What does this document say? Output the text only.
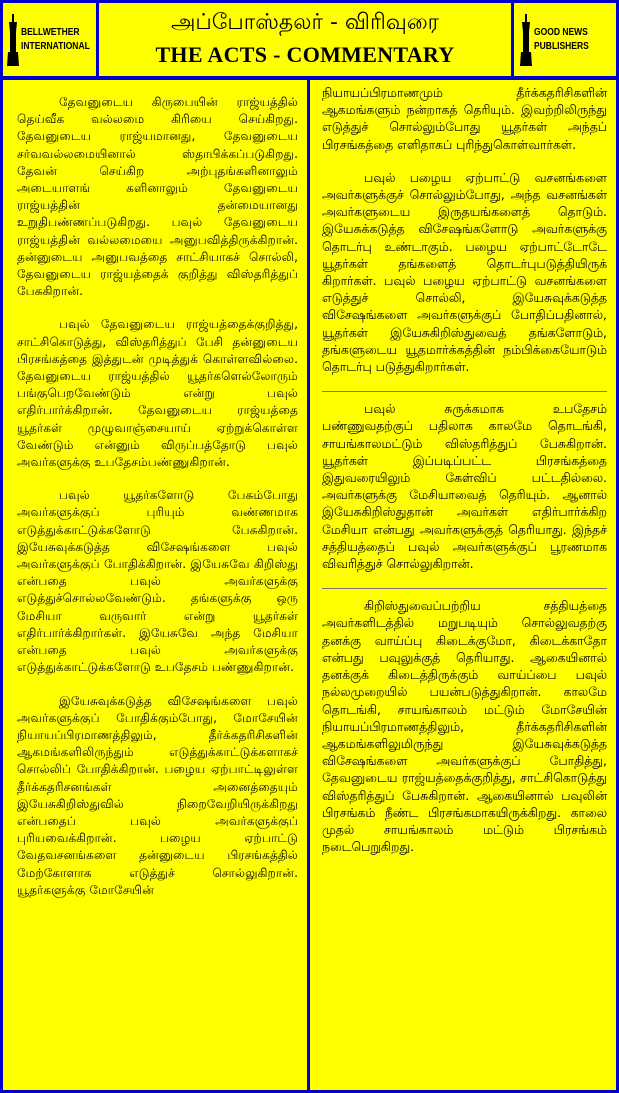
BELLWETHER
INTERNATIONAL
அப்போஸ்தலர் - விரிவுரை
THE ACTS - COMMENTARY
GOOD NEWS
PUBLISHERS

தேவனுடைய கிருபையின் ராஜ்யத்தில் தெய்வீக வல்லமை கிரியை செய்கிறது. தேவனுடைய ராஜ்யமானது, தேவனுடைய சர்வவல்லமையினால் ஸ்தாபிக்கப்படுகிறது. தேவன் செய்கிற அற்புதங்களினாலும் அடையாளங் களினாலும் தேவனுடைய ராஜ்யத்தின் தன்மையானது உறுதிபண்ணப்படுகிறது. பவுல் தேவனுடைய ராஜ்யத்தின் வல்லமையை அனுபவித்திருக்கிறான். தன்னுடைய அனுபவத்தை சாட்சியாகச் சொல்லி, தேவனுடைய ராஜ்யத்தைக் குறித்து விஸ்தரித்துப் பேசுகிறான்.

பவுல் தேவனுடைய ராஜ்யத்தைக்குறித்து, சாட்சிகொடுத்து, விஸ்தரித்துப் பேசி தன்னுடைய பிரசங்கத்தை இத்துடன் முடித்துக் கொள்ளவில்லை. தேவனுடைய ராஜ்யத்தில் யூதர்களெல்லோரும் பங்குபெறவேண்டும் என்று பவுல் எதிர்பார்க்கிறான். தேவனுடைய ராஜ்யத்தை யூதர்கள் முழுவாஞ்சையாய் ஏற்றுக்கொள்ள வேண்டும் என்னும் விருப்பத்தோடு பவுல் அவர்களுக்கு உபதேசம்பண்ணுகிறான்.

பவுல் யூதர்களோடு பேசும்போது அவர்களுக்குப் புரியும் வண்ணமாக எடுத்துக்காட்டுக்களோடு பேசுகிறான். இயேசுவுக்கடுத்த விசேஷங்களை பவுல் அவர்களுக்குப் போதிக்கிறான். இயேசுவே கிறிஸ்து என்பதை பவுல் அவர்களுக்கு எடுத்துச்சொல்லவேண்டும். தங்களுக்கு ஒரு மேசியா வருவார் என்று யூதர்கள் எதிர்பார்க்கிறார்கள். இயேசுவே அந்த மேசியா என்பதை பவுல் அவர்களுக்கு எடுத்துக்காட்டுக்களோடு உபதேசம் பண்ணுகிறான்.

இயேசுவுக்கடுத்த விசேஷங்களை பவுல் அவர்களுக்குப் போதிக்கும்போது, மோசேயின் நியாயப்பிரமாணத்திலும், தீர்க்கதரிசிகளின் ஆகமங்களிலிருந்தும் எடுத்துக்காட்டுக்களாகச் சொல்லிப் போதிக்கிறான். பழைய ஏற்பாட்டிலுள்ள தீர்க்கதரிசனங்கள் அனைத்தையும் இயேசுகிறிஸ்துவில் நிறைவேறியிருக்கிறது என்பதைப் பவுல் அவர்களுக்குப் புரியவைக்கிறான். பழைய ஏற்பாட்டு வேதவசனங்களை தன்னுடைய பிரசங்கத்தில் மேற்கோளாக எடுத்துச் சொல்லுகிறான். யூதர்களுக்கு மோசேயின்

நியாயப்பிரமாணமும் தீர்க்கதரிசிகளின் ஆகமங்களும் நன்றாகத் தெரியும். இவற்றிலிருந்து எடுத்துச் சொல்லும்போது யூதர்கள் அந்தப் பிரசங்கத்தை எளிதாகப் புரிந்துகொள்வார்கள்.

பவுல் பழைய ஏற்பாட்டு வசனங்களை அவர்களுக்குச் சொல்லும்போது, அந்த வசனங்கள் அவர்களுடைய இருதயங்களைத் தொடும். இயேசுக்கடுத்த விசேஷங்களோடு அவர்களுக்கு தொடர்பு உண்டாகும். பழைய ஏற்பாட்டோடே யூதர்கள் தங்களைத் தொடர்புபடுத்தியிருக் கிறார்கள். பவுல் பழைய ஏற்பாட்டு வசனங்களை எடுத்துச் சொல்லி, இயேசுவுக்கடுத்த விசேஷங்களை அவர்களுக்குப் போதிப்பதினால், யூதர்கள் இயேசுகிறிஸ்துவைத் தங்களோடும், தங்களுடைய யூதமார்க்கத்தின் நம்பிக்கையோடும் தொடர்பு படுத்துகிறார்கள்.

பவுல் சுருக்கமாக உபதேசம் பண்ணுவதற்குப் பதிலாக காலமே தொடங்கி, சாயங்காலமட்டும் விஸ்தரித்துப் பேசுகிறான். யூதர்கள் இப்படிப்பட்ட பிரசங்கத்தை இதுவரையிலும் கேள்விப் பட்டதில்லை. அவர்களுக்கு மேசியாவைத் தெரியும். ஆனால் இயேசுகிறிஸ்துதான் அவர்கள் எதிர்பார்க்கிற மேசியா என்பது அவர்களுக்குத் தெரியாது. இந்தச் சத்தியத்தைப் பவுல் அவர்களுக்குப் பூரணமாக விவரித்துச் சொல்லுகிறான்.

கிறிஸ்துவைப்பற்றிய சத்தியத்தை அவர்களிடத்தில் மறுபடியும் சொல்லுவதற்கு தனக்கு வாய்ப்பு கிடைக்குமோ, கிடைக்காதோ என்பது பவுலுக்குத் தெரியாது. ஆகையினால் தனக்குக் கிடைத்திருக்கும் வாய்ப்பை பவுல் நல்லமுறையில் பயன்படுத்துகிறான். காலமே தொடங்கி, சாயங்காலம் மட்டும் மோசேயின் நியாயப்பிரமாணத்திலும், தீர்க்கதரிசிகளின் ஆகமங்களிலுமிருந்து இயேசுவுக்கடுத்த விசேஷங்களை அவர்களுக்குப் போதித்து, தேவனுடைய ராஜ்யத்தைக்குறித்து, சாட்சிகொடுத்து விஸ்தரித்துப் பேசுகிறான். ஆகையினால் பவுலின் பிரசங்கம் நீண்ட பிரசங்கமாகயிருக்கிறது. காலை முதல் சாயங்காலம் மட்டும் பிரசங்கம் நடைபெறுகிறது.
